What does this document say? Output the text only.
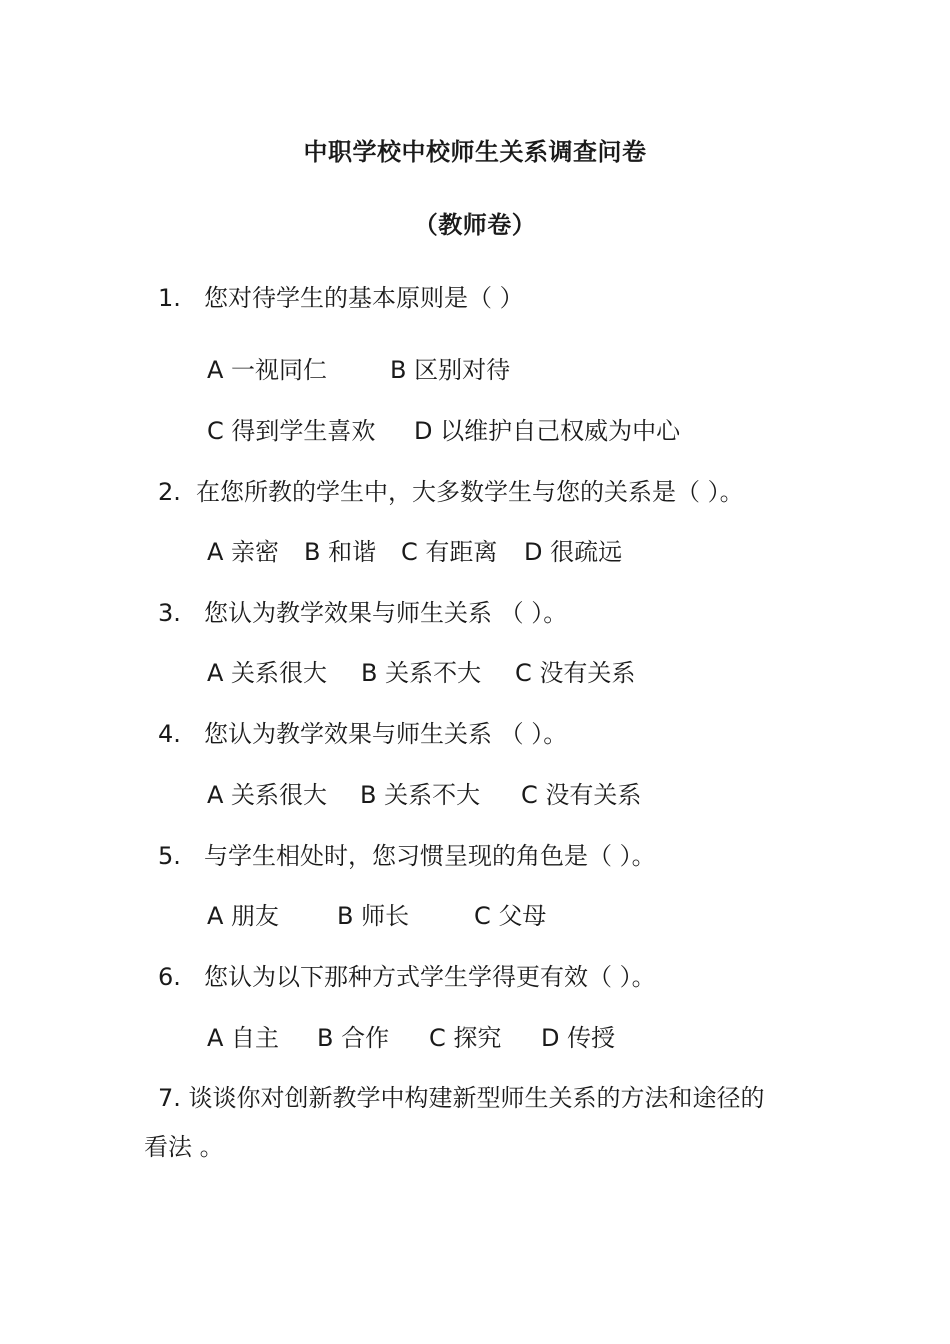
中职学校中校师生关系调查问卷
（教师卷）
1. 您对待学生的基本原则是（ ）
A 一视同仁	B 区别对待
C 得到学生喜欢 D 以维护自己权威为中心
2. 在您所教的学生中，大多数学生与您的关系是（ ）。
A 亲密 B 和谐 C 有距离 D 很疏远
3. 您认为教学效果与师生关系 （ ）。
A 关系很大 B 关系不大 C 没有关系
4. 您认为教学效果与师生关系 （ ）。
A 关系很大 B 关系不大 C 没有关系
5. 与学生相处时，您习惯呈现的角色是（ ）。
A 朋友 B 师长	C 父母
6. 您认为以下那种方式学生学得更有效（ ）。
A 自主 B 合作 C 探究 D 传授
7. 谈谈你对创新教学中构建新型师生关系的方法和途径的
看法 。
